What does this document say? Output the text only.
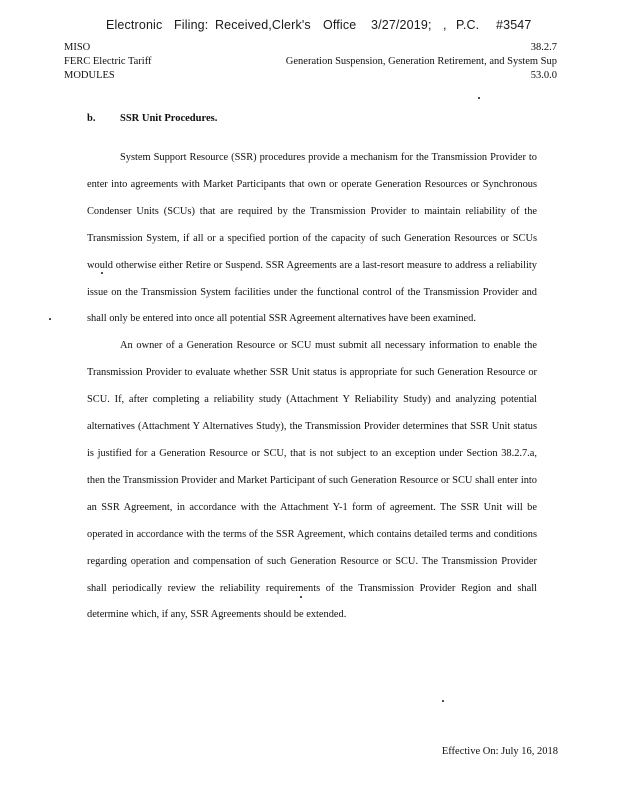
Electronic Filing: Received,Clerk's Office 3/27/2019; , P.C. #3547
MISO
FERC Electric Tariff
MODULES
38.2.7
Generation Suspension, Generation Retirement, and System Sup
53.0.0
b. SSR Unit Procedures.

System Support Resource (SSR) procedures provide a mechanism for the Transmission Provider to enter into agreements with Market Participants that own or operate Generation Resources or Synchronous Condenser Units (SCUs) that are required by the Transmission Provider to maintain reliability of the Transmission System, if all or a specified portion of the capacity of such Generation Resources or SCUs would otherwise either Retire or Suspend. SSR Agreements are a last-resort measure to address a reliability issue on the Transmission System facilities under the functional control of the Transmission Provider and shall only be entered into once all potential SSR Agreement alternatives have been examined.

An owner of a Generation Resource or SCU must submit all necessary information to enable the Transmission Provider to evaluate whether SSR Unit status is appropriate for such Generation Resource or SCU. If, after completing a reliability study (Attachment Y Reliability Study) and analyzing potential alternatives (Attachment Y Alternatives Study), the Transmission Provider determines that SSR Unit status is justified for a Generation Resource or SCU, that is not subject to an exception under Section 38.2.7.a, then the Transmission Provider and Market Participant of such Generation Resource or SCU shall enter into an SSR Agreement, in accordance with the Attachment Y-1 form of agreement. The SSR Unit will be operated in accordance with the terms of the SSR Agreement, which contains detailed terms and conditions regarding operation and compensation of such Generation Resource or SCU. The Transmission Provider shall periodically review the reliability requirements of the Transmission Provider Region and shall determine which, if any, SSR Agreements should be extended.

Effective On: July 16, 2018
